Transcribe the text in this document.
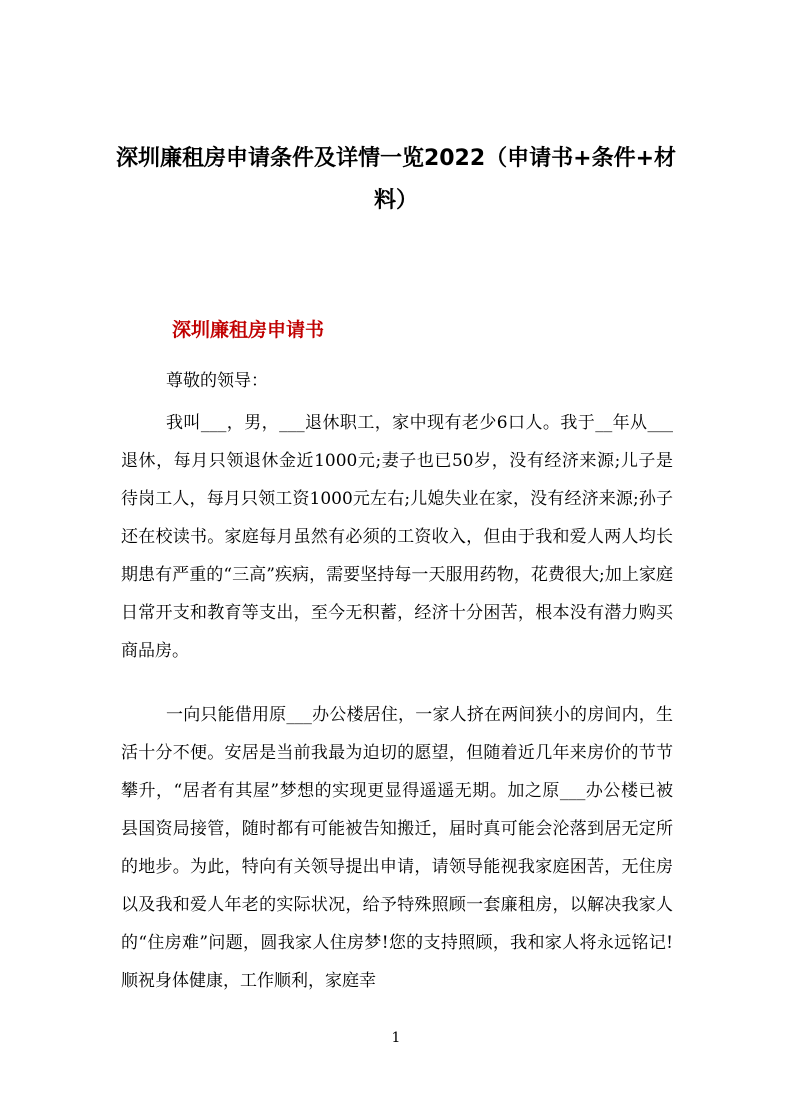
深圳廉租房申请条件及详情一览2022（申请书+条件+材料）
深圳廉租房申请书

尊敬的领导：

我叫___，男，___退休职工，家中现有老少6口人。我于__年从___退休，每月只领退休金近1000元;妻子也已50岁，没有经济来源;儿子是待岗工人，每月只领工资1000元左右;儿媳失业在家，没有经济来源;孙子还在校读书。家庭每月虽然有必须的工资收入，但由于我和爱人两人均长期患有严重的“三高”疾病，需要坚持每一天服用药物，花费很大;加上家庭日常开支和教育等支出，至今无积蓄，经济十分困苦，根本没有潜力购买商品房。

一向只能借用原___办公楼居住，一家人挤在两间狭小的房间内，生活十分不便。安居是当前我最为迫切的愿望，但随着近几年来房价的节节攀升，“居者有其屋”梦想的实现更显得遥遥无期。加之原___办公楼已被县国资局接管，随时都有可能被告知搬迁，届时真可能会沦落到居无定所的地步。为此，特向有关领导提出申请，请领导能视我家庭困苦，无住房以及我和爱人年老的实际状况，给予特殊照顾一套廉租房，以解决我家人的“住房难”问题，圆我家人住房梦!您的支持照顾，我和家人将永远铭记!顺祝身体健康，工作顺利，家庭幸

1
